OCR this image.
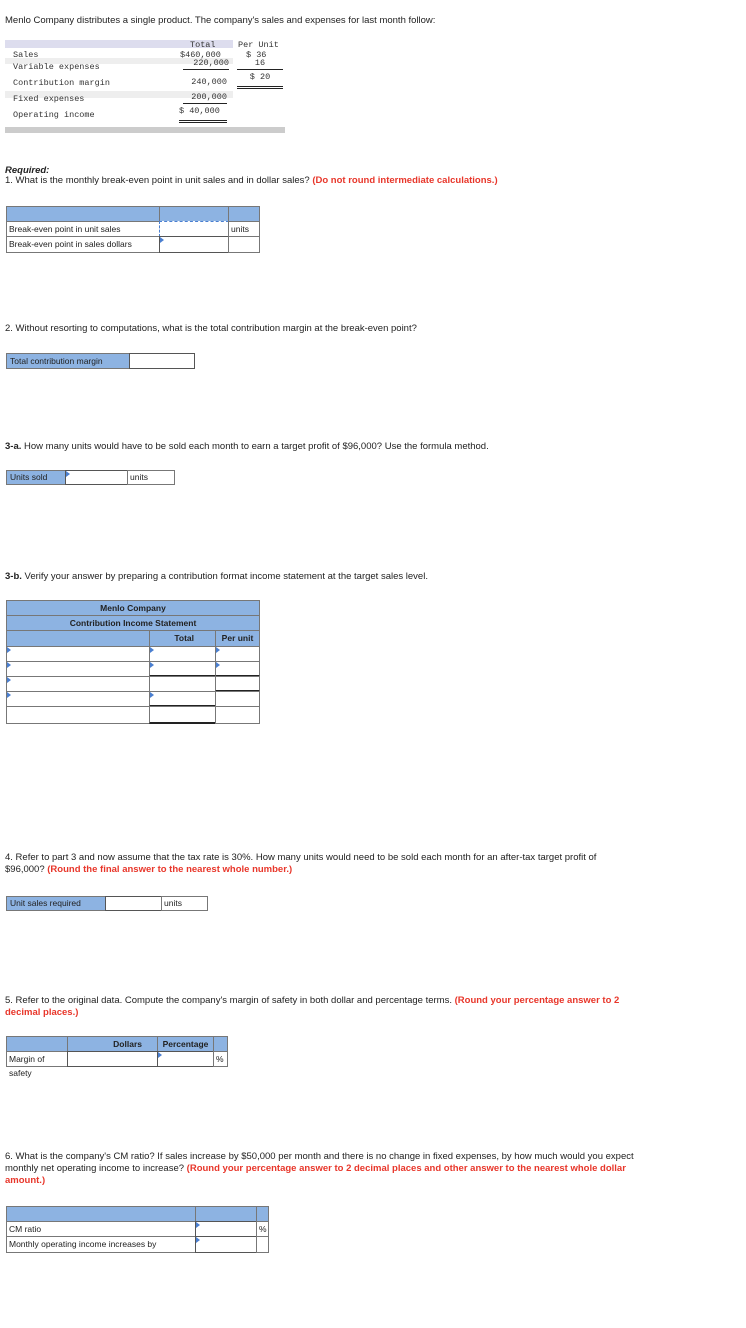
Menlo Company distributes a single product. The company's sales and expenses for last month follow:
Total	Per Unit
Sales	$460,000	$ 36
Variable expenses	220,000	16
Contribution margin	240,000	$ 20
Fixed expenses	200,000
Operating income	$ 40,000
Required:
1. What is the monthly break-even point in unit sales and in dollar sales? (Do not round intermediate calculations.)
Break-even point in unit sales	units
Break-even point in sales dollars
2. Without resorting to computations, what is the total contribution margin at the break-even point?
Total contribution margin
3-a. How many units would have to be sold each month to earn a target profit of $96,000? Use the formula method.
Units sold	units
3-b. Verify your answer by preparing a contribution format income statement at the target sales level.
Menlo Company
Contribution Income Statement
Total	Per unit
4. Refer to part 3 and now assume that the tax rate is 30%. How many units would need to be sold each month for an after-tax target profit of $96,000? (Round the final answer to the nearest whole number.)
Unit sales required	units
5. Refer to the original data. Compute the company's margin of safety in both dollar and percentage terms. (Round your percentage answer to 2 decimal places.)
Dollars	Percentage
Margin of safety
%
6. What is the company's CM ratio? If sales increase by $50,000 per month and there is no change in fixed expenses, by how much would you expect monthly net operating income to increase? (Round your percentage answer to 2 decimal places and other answer to the nearest whole dollar amount.)
CM ratio	%
Monthly operating income increases by
